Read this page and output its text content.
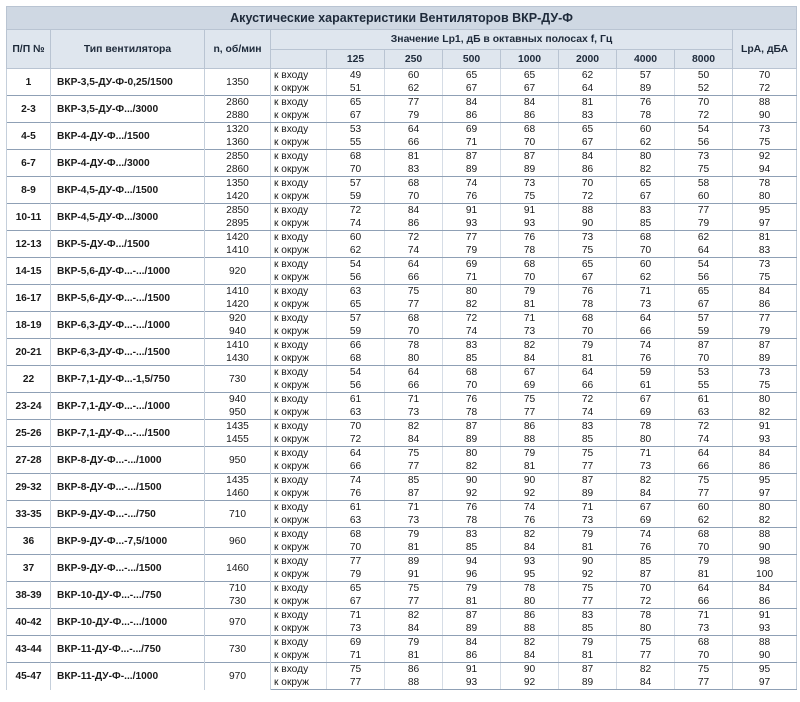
Акустические характеристики Вентиляторов ВКР-ДУ-Ф											
П/П №	Тип вентилятора	n, об/мин	Значение Lp1, дБ в октавных полосах f, Гц								LpA, дБА
				125	250	500	1000	2000	4000	8000	
1	ВКР-3,5-ДУ-Ф-0,25/1500	1350	к входу	49	60	65	65	62	57	50	70
			к окруж	51	62	67	67	64	89	52	72
2-3	ВКР-3,5-ДУ-Ф.../3000	2860	к входу	65	77	84	84	81	76	70	88
		2880	к окруж	67	79	86	86	83	78	72	90
4-5	ВКР-4-ДУ-Ф.../1500	1320	к входу	53	64	69	68	65	60	54	73
		1360	к окруж	55	66	71	70	67	62	56	75
6-7	ВКР-4-ДУ-Ф.../3000	2850	к входу	68	81	87	87	84	80	73	92
		2860	к окруж	70	83	89	89	86	82	75	94
8-9	ВКР-4,5-ДУ-Ф.../1500	1350	к входу	57	68	74	73	70	65	58	78
		1420	к окруж	59	70	76	75	72	67	60	80
10-11	ВКР-4,5-ДУ-Ф.../3000	2850	к входу	72	84	91	91	88	83	77	95
		2895	к окруж	74	86	93	93	90	85	79	97
12-13	ВКР-5-ДУ-Ф.../1500	1420	к входу	60	72	77	76	73	68	62	81
		1410	к окруж	62	74	79	78	75	70	64	83
14-15	ВКР-5,6-ДУ-Ф...-.../1000	920	к входу	54	64	69	68	65	60	54	73
			к окруж	56	66	71	70	67	62	56	75
16-17	ВКР-5,6-ДУ-Ф...-.../1500	1410	к входу	63	75	80	79	76	71	65	84
		1420	к окруж	65	77	82	81	78	73	67	86
18-19	ВКР-6,3-ДУ-Ф...-.../1000	920	к входу	57	68	72	71	68	64	57	77
		940	к окруж	59	70	74	73	70	66	59	79
20-21	ВКР-6,3-ДУ-Ф...-.../1500	1410	к входу	66	78	83	82	79	74	87	87
		1430	к окруж	68	80	85	84	81	76	70	89
22	ВКР-7,1-ДУ-Ф...-1,5/750	730	к входу	54	64	68	67	64	59	53	73
			к окруж	56	66	70	69	66	61	55	75
23-24	ВКР-7,1-ДУ-Ф...-.../1000	940	к входу	61	71	76	75	72	67	61	80
		950	к окруж	63	73	78	77	74	69	63	82
25-26	ВКР-7,1-ДУ-Ф...-.../1500	1435	к входу	70	82	87	86	83	78	72	91
		1455	к окруж	72	84	89	88	85	80	74	93
27-28	ВКР-8-ДУ-Ф...-.../1000	950	к входу	64	75	80	79	75	71	64	84
			к окруж	66	77	82	81	77	73	66	86
29-32	ВКР-8-ДУ-Ф...-.../1500	1435	к входу	74	85	90	90	87	82	75	95
		1460	к окруж	76	87	92	92	89	84	77	97
33-35	ВКР-9-ДУ-Ф...-.../750	710	к входу	61	71	76	74	71	67	60	80
			к окруж	63	73	78	76	73	69	62	82
36	ВКР-9-ДУ-Ф...-7,5/1000	960	к входу	68	79	83	82	79	74	68	88
			к окруж	70	81	85	84	81	76	70	90
37	ВКР-9-ДУ-Ф...-.../1500	1460	к входу	77	89	94	93	90	85	79	98
			к окруж	79	91	96	95	92	87	81	100
38-39	ВКР-10-ДУ-Ф...-.../750	710	к входу	65	75	79	78	75	70	64	84
		730	к окруж	67	77	81	80	77	72	66	86
40-42	ВКР-10-ДУ-Ф...-.../1000	970	к входу	71	82	87	86	83	78	71	91
			к окруж	73	84	89	88	85	80	73	93
43-44	ВКР-11-ДУ-Ф...-.../750	730	к входу	69	79	84	82	79	75	68	88
			к окруж	71	81	86	84	81	77	70	90
45-47	ВКР-11-ДУ-Ф-.../1000	970	к входу	75	86	91	90	87	82	75	95
			к окруж	77	88	93	92	89	84	77	97
